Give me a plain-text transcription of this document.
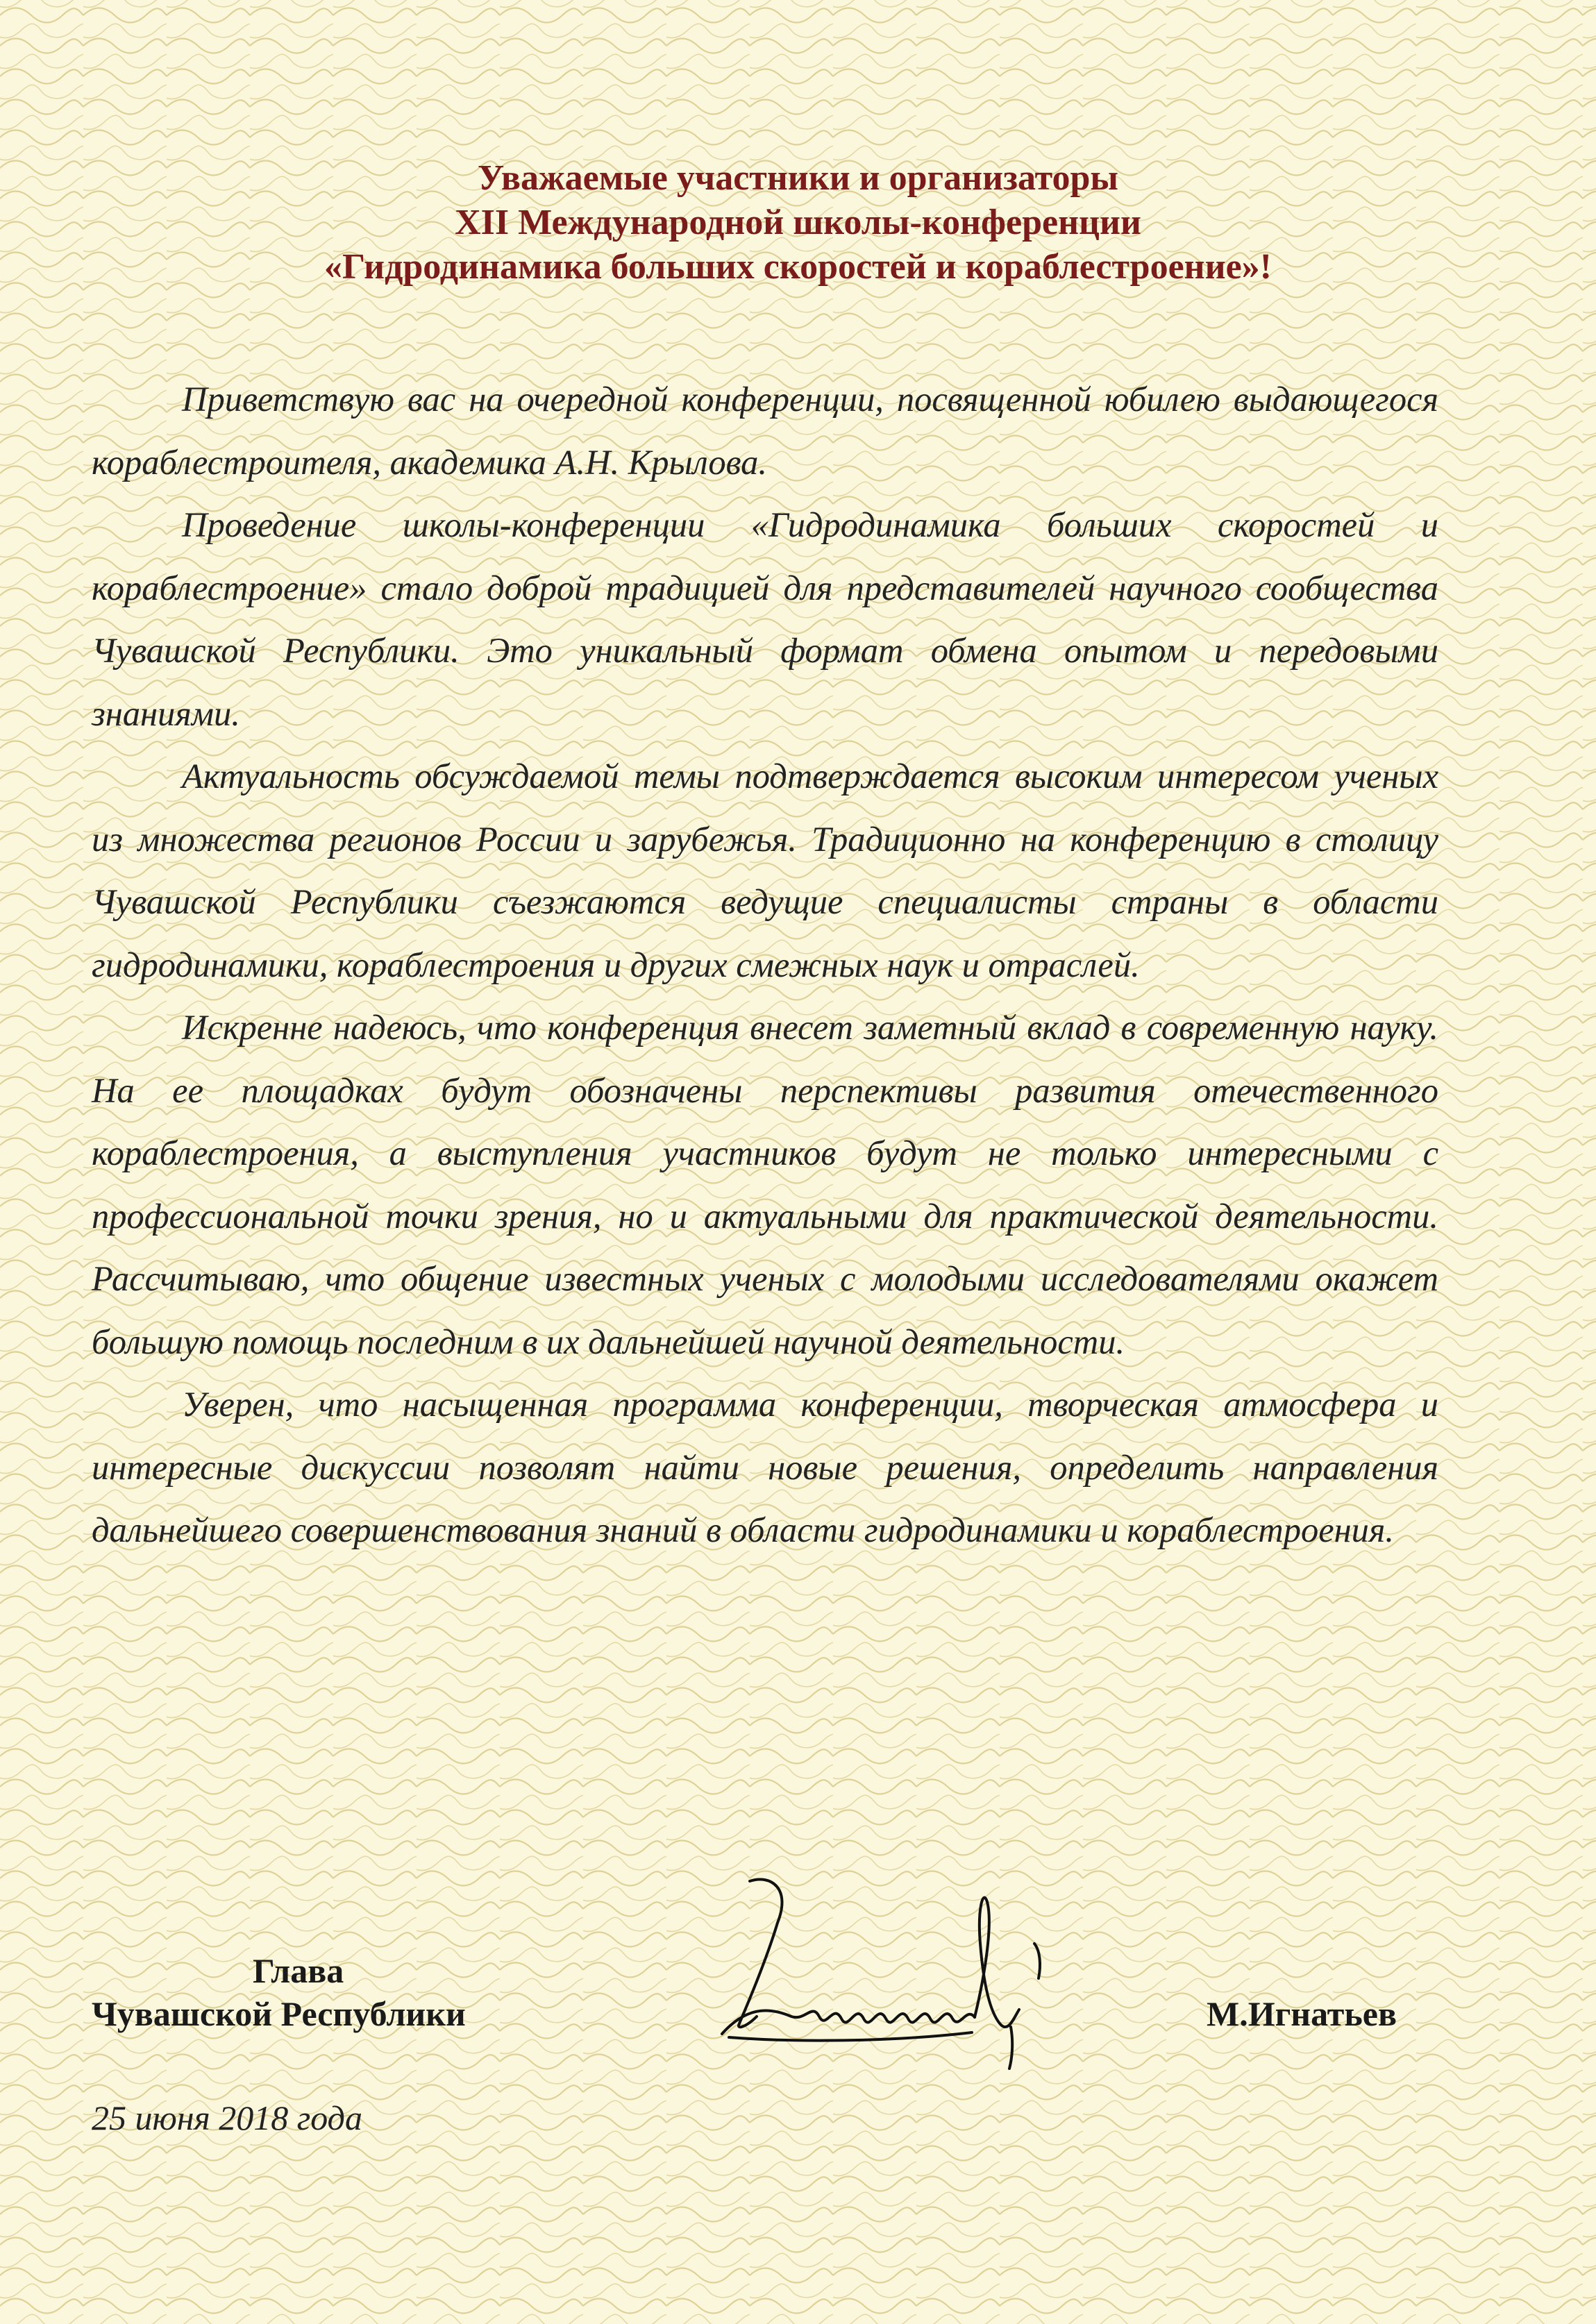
Уважаемые участники и организаторы
XII Международной школы-конференции
«Гидродинамика больших скоростей и кораблестроение»!

Приветствую вас на очередной конференции, посвященной юбилею выдающегося кораблестроителя, академика А.Н. Крылова.

Проведение школы-конференции «Гидродинамика больших скоростей и кораблестроение» стало доброй традицией для представителей научного сообщества Чувашской Республики. Это уникальный формат обмена опытом и передовыми знаниями.

Актуальность обсуждаемой темы подтверждается высоким интересом ученых из множества регионов России и зарубежья. Традиционно на конференцию в столицу Чувашской Республики съезжаются ведущие специалисты страны в области гидродинамики, кораблестроения и других смежных наук и отраслей.

Искренне надеюсь, что конференция внесет заметный вклад в современную науку. На ее площадках будут обозначены перспективы развития отечественного кораблестроения, а выступления участников будут не только интересными с профессиональной точки зрения, но и актуальными для практической деятельности. Рассчитываю, что общение известных ученых с молодыми исследователями окажет большую помощь последним в их дальнейшей научной деятельности.

Уверен, что насыщенная программа конференции, творческая атмосфера и интересные дискуссии позволят найти новые решения, определить направления дальнейшего совершенствования знаний в области гидродинамики и кораблестроения.

Глава
Чувашской Республики	М.Игнатьев
25 июня 2018 года
